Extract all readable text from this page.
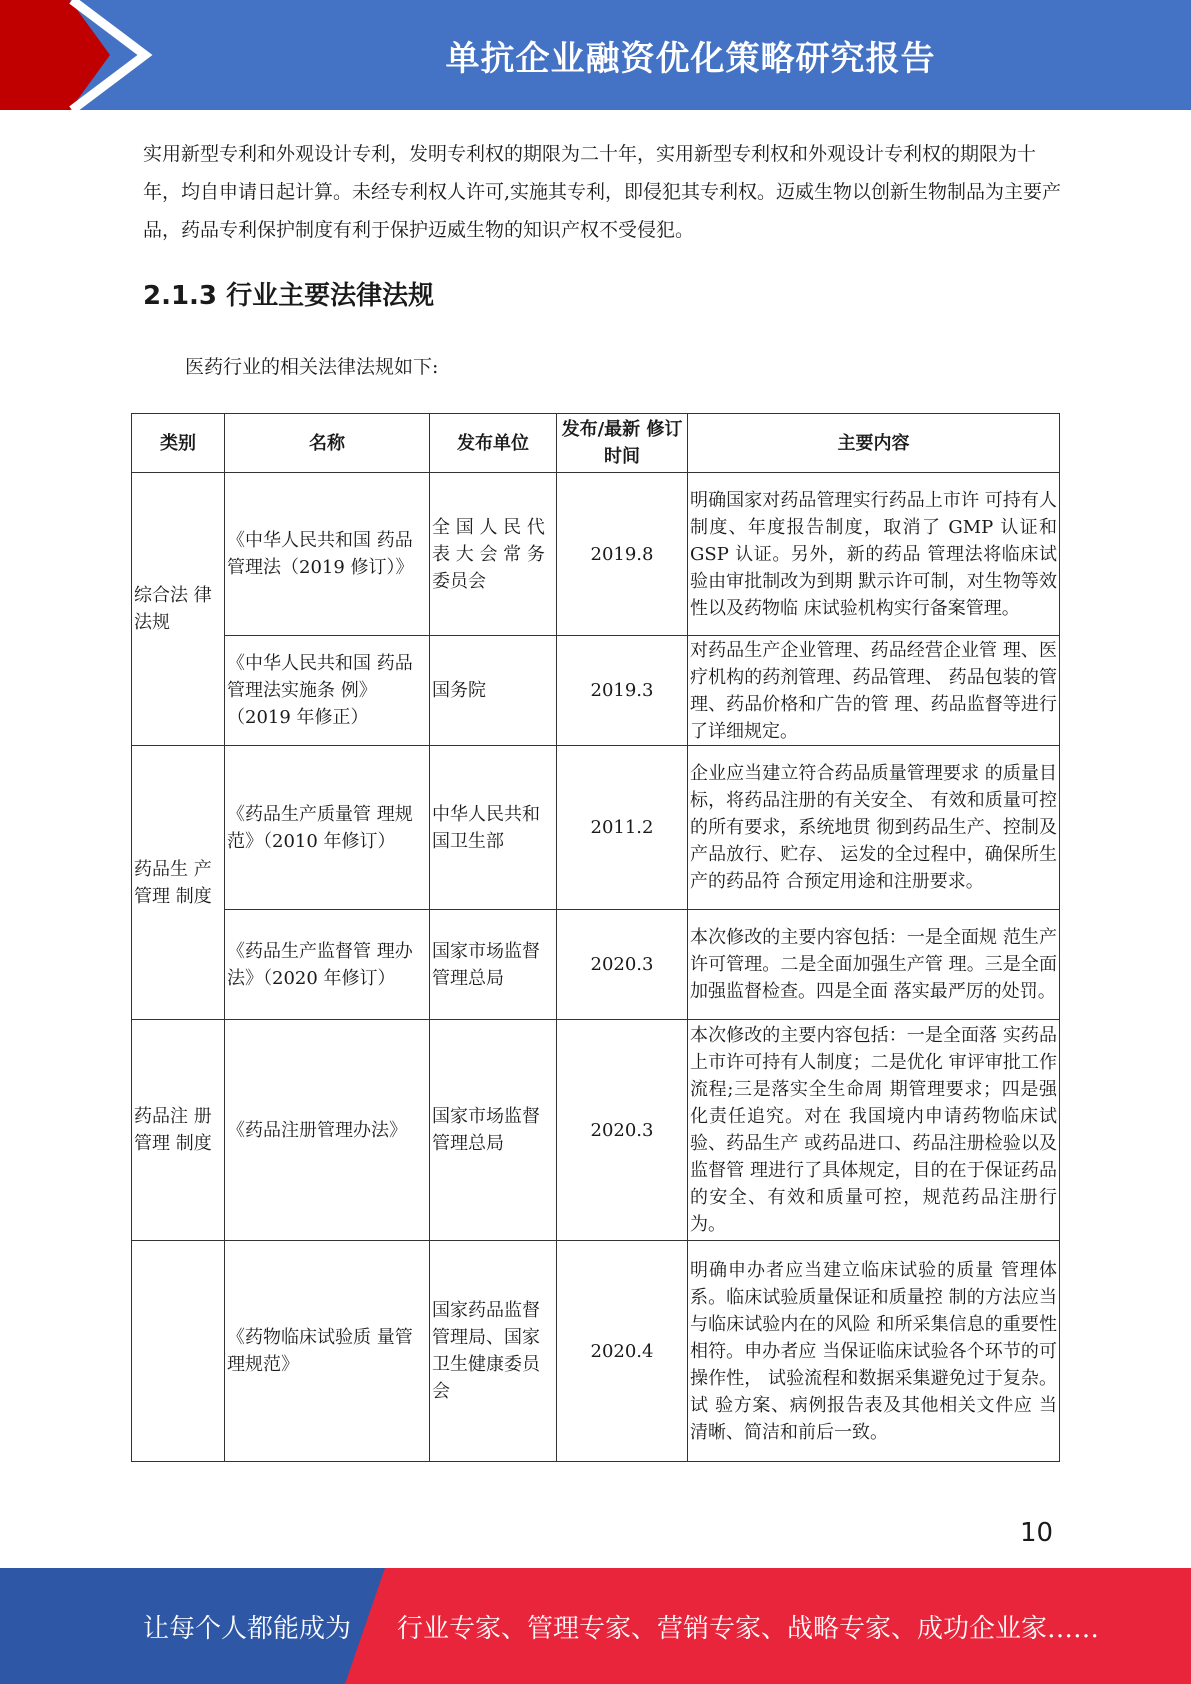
单抗企业融资优化策略研究报告
实用新型专利和外观设计专利，发明专利权的期限为二十年，实用新型专利权和外观设计专利权的期限为十年，均自申请日起计算。未经专利权人许可,实施其专利，即侵犯其专利权。迈威生物以创新生物制品为主要产品，药品专利保护制度有利于保护迈威生物的知识产权不受侵犯。
2.1.3 行业主要法律法规
医药行业的相关法律法规如下:
类别	名称	发布单位	发布/最新 修订时间	主要内容
综合法 律法规	《中华人民共和国 药品管理法（2019 修订）》	全 国 人 民 代 表 大 会 常 务 委员会	2019.8	明确国家对药品管理实行药品上市许 可持有人制度、年度报告制度，取消了 GMP 认证和 GSP 认证。另外，新的药品 管理法将临床试验由审批制改为到期 默示许可制，对生物等效性以及药物临 床试验机构实行备案管理。
	《中华人民共和国 药品管理法实施条 例》（2019 年修正）	国务院	2019.3	对药品生产企业管理、药品经营企业管 理、医疗机构的药剂管理、药品管理、 药品包装的管理、药品价格和广告的管 理、药品监督等进行了详细规定。
药品生 产管理 制度	《药品生产质量管 理规范》（2010 年修订）	中华人民共和国卫生部	2011.2	企业应当建立符合药品质量管理要求 的质量目标，将药品注册的有关安全、 有效和质量可控的所有要求，系统地贯 彻到药品生产、控制及产品放行、贮存、 运发的全过程中，确保所生产的药品符 合预定用途和注册要求。
	《药品生产监督管 理办法》（2020 年修订）	国家市场监督管理总局	2020.3	本次修改的主要内容包括：一是全面规 范生产许可管理。二是全面加强生产管 理。三是全面加强监督检查。四是全面 落实最严厉的处罚。
药品注 册管理 制度	《药品注册管理办法》	国家市场监督管理总局	2020.3	本次修改的主要内容包括：一是全面落 实药品上市许可持有人制度；二是优化 审评审批工作流程;三是落实全生命周 期管理要求；四是强化责任追究。对在 我国境内申请药物临床试验、药品生产 或药品进口、药品注册检验以及监督管 理进行了具体规定，目的在于保证药品 的安全、有效和质量可控，规范药品注册行为。
	《药物临床试验质 量管理规范》	国家药品监督管理局、国家卫生健康委员会	2020.4	明确申办者应当建立临床试验的质量 管理体系。临床试验质量保证和质量控 制的方法应当与临床试验内在的风险 和所采集信息的重要性相符。申办者应 当保证临床试验各个环节的可操作性， 试验流程和数据采集避免过于复杂。试 验方案、病例报告表及其他相关文件应 当清晰、简洁和前后一致。
10
让每个人都能成为 行业专家、管理专家、营销专家、战略专家、成功企业家……
